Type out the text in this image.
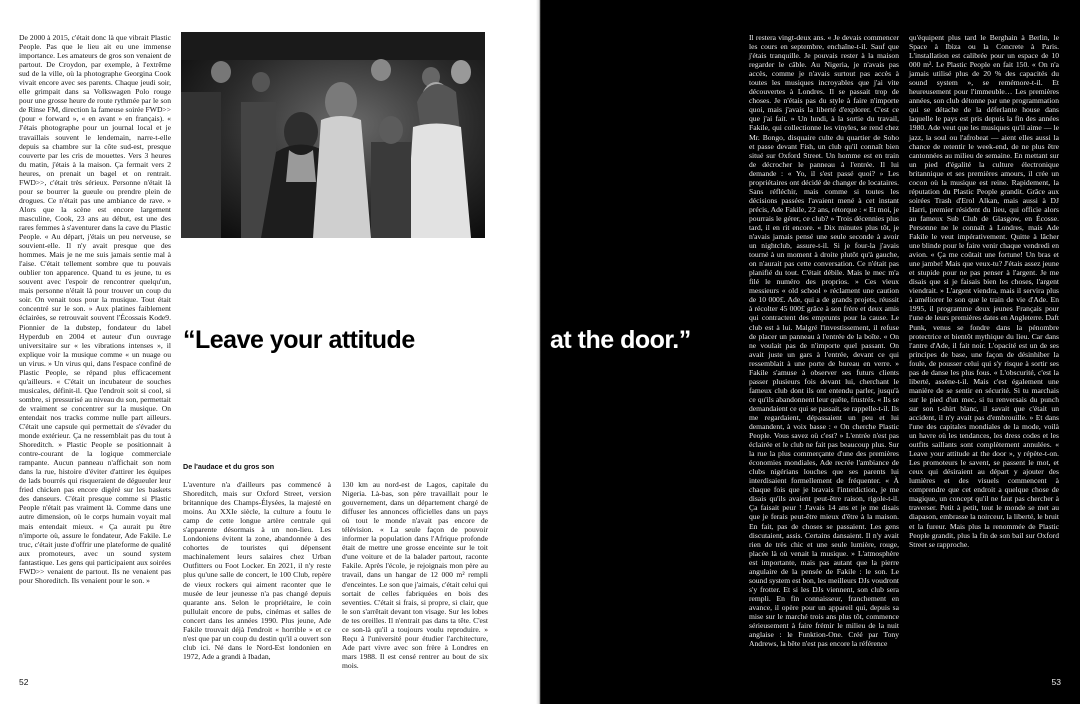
De 2000 à 2015, c'était donc là que vibrait Plastic People. Pas que le lieu ait eu une immense importance. Les amateurs de gros son venaient de partout. De Croydon, par exemple, à l'extrême sud de la ville, où la photographe Georgina Cook vivait encore avec ses parents. Chaque jeudi soir, elle grimpait dans sa Volkswagen Polo rouge pour une grosse heure de route rythmée par le son de Rinse FM, direction la fameuse soirée FWD>> (pour « forward », « en avant » en français). « J'étais photographe pour un journal local et je travaillais souvent le lendemain, narre-t-elle depuis sa chambre sur la côte sud-est, presque couverte par les cris de mouettes. Vers 3 heures du matin, j'étais à la maison. Ça fermait vers 2 heures, on prenait un bagel et on rentrait. FWD>>, c'était très sérieux. Personne n'était là pour se bourrer la gueule ou prendre plein de drogues. Ce n'était pas une ambiance de rave. » Alors que la scène est encore largement masculine, Cook, 23 ans au début, est une des rares femmes à s'aventurer dans la cave du Plastic People. « Au départ, j'étais un peu nerveuse, se souvient-elle. Il n'y avait presque que des hommes. Mais je ne me suis jamais sentie mal à l'aise. C'était tellement sombre que tu pouvais oublier ton apparence. Quand tu es jeune, tu es souvent avec l'espoir de rencontrer quelqu'un, mais personne n'était là pour trouver un coup du soir. On venait tous pour la musique. Tout était concentré sur le son. » Aux platines faiblement éclairées, se retrouvait souvent l'Écossais Kode9. Pionnier de la dubstep, fondateur du label Hyperdub en 2004 et auteur d'un ouvrage universitaire sur « les vibrations intenses », il explique voir la musique comme « un nuage ou un virus. » Un virus qui, dans l'espace confiné de Plastic People, se répand plus efficacement qu'ailleurs. « C'était un incubateur de souches musicales, définit-il. Que l'endroit soit si cool, si sombre, si pressurisé au niveau du son, permettait de vraiment se concentrer sur la musique. On entendait nos tracks comme nulle part ailleurs. C'était une capsule qui permettait de s'évader du monde extérieur. Ça ne ressemblait pas du tout à Shoreditch. » Plastic People se positionnait à contre-courant de la logique commerciale rampante. Aucun panneau n'affichait son nom dans la rue, histoire d'éviter d'attirer les équipes de lads bourrés qui risqueraient de dégueuler leur fried chicken pas encore digéré sur les baskets des danseurs. C'était presque comme si Plastic People n'était pas vraiment là. Comme dans une autre dimension, où le corps humain voyait mal mais entendait mieux. « Ça aurait pu être n'importe où, assure le fondateur, Ade Fakile. Le truc, c'était juste d'offrir une plateforme de qualité aux promoteurs, avec un sound system fantastique. Les gens qui participaient aux soirées FWD>> venaient de partout. Ils ne venaient pas pour Shoreditch. Ils venaient pour le son. »

“Leave your attitude
De l'audace et du gros son

L'aventure n'a d'ailleurs pas commencé à Shoreditch, mais sur Oxford Street, version britannique des Champs-Élysées, la majesté en moins. Au XXIe siècle, la culture a foutu le camp de cette longue artère centrale qui s'apparente désormais à un non-lieu. Les Londoniens évitent la zone, abandonnée à des cohortes de touristes qui dépensent machinalement leurs salaires chez Urban Outfitters ou Foot Locker. En 2021, il n'y reste plus qu'une salle de concert, le 100 Club, repère de vieux rockers qui aiment raconter que le musée de leur jeunesse n'a pas changé depuis quarante ans. Selon le propriétaire, le coin pullulait encore de pubs, cinémas et salles de concert dans les années 1990. Plus jeune, Ade Fakile trouvait déjà l'endroit « horrible » et ce n'est que par un coup du destin qu'il a ouvert son club ici. Né dans le Nord-Est londonien en 1972, Ade a grandi à Ibadan,

130 km au nord-est de Lagos, capitale du Nigeria. Là-bas, son père travaillait pour le gouvernement, dans un département chargé de diffuser les annonces officielles dans un pays où tout le monde n'avait pas encore de télévision. « La seule façon de pouvoir informer la population dans l'Afrique profonde était de mettre une grosse enceinte sur le toit d'une voiture et de la balader partout, raconte Fakile. Après l'école, je rejoignais mon père au travail, dans un hangar de 12 000 m² rempli d'enceintes. Le son que j'aimais, c'était celui qui sortait de celles fabriquées en bois des seventies. C'était si frais, si propre, si clair, que le son s'arrêtait devant ton visage. Sur les lobes de tes oreilles. Il n'entrait pas dans ta tête. C'est ce son-là qu'il a toujours voulu reproduire. » Reçu à l'université pour étudier l'architecture, Ade part vivre avec son frère à Londres en mars 1988. Il est censé rentrer au bout de six mois.

52

Il restera vingt-deux ans. « Je devais commencer les cours en septembre, enchaîne-t-il. Sauf que j'étais tranquille. Je pouvais rester à la maison regarder le câble. Au Nigeria, je n'avais pas accès, comme je n'avais surtout pas accès à toutes les musiques incroyables que j'ai vite découvertes à Londres. Il se passait trop de choses. Je n'étais pas du style à faire n'importe quoi, mais j'avais la liberté d'explorer. C'est ce que j'ai fait. » Un lundi, à la sortie du travail, Fakile, qui collectionne les vinyles, se rend chez Mr. Bongo, disquaire culte du quartier de Soho et passe devant Fish, un club qu'il connaît bien situé sur Oxford Street. Un homme est en train de décrocher le panneau à l'entrée. Il lui demande : « Yo, il s'est passé quoi? » Les propriétaires ont décidé de changer de locataires. Sans réfléchir, mais comme si toutes les décisions passées l'avaient mené à cet instant précis, Ade Fakile, 22 ans, rétorque : « Et moi, je pourrais le gérer, ce club? » Trois décennies plus tard, il en rit encore. « Dix minutes plus tôt, je n'avais jamais pensé une seule seconde à avoir un nightclub, assure-t-il. Si je four-la j'avais tourné à un moment à droite plutôt qu'à gauche, on n'aurait pas cette conversation. Ce n'était pas planifié du tout. C'était débile. Mais le mec m'a filé le numéro des proprios. » Ces vieux messieurs « old school » réclament une caution de 10 000£. Ade, qui a de grands projets, réussit à récolter 45 000£ grâce à son frère et deux amis qui contractent des emprunts pour la cause. Le club est à lui. Malgré l'investissement, il refuse de placer un panneau à l'entrée de la boîte. « On ne voulait pas de n'importe quel passant. On avait juste un gars à l'entrée, devant ce qui ressemblait à une porte de bureau en verre. » Fakile s'amuse à observer ses futurs clients passer plusieurs fois devant lui, cherchant le fameux club dont ils ont entendu parler, jusqu'à ce qu'ils abandonnent leur quête, frustrés. « Ils se demandaient ce qui se passait, se rappelle-t-il. Ils me regardaient, dépassaient un peu et lui demandent, à voix basse : « On cherche Plastic People. Vous savez où c'est? » L'entrée n'est pas éclairée et le club ne fait pas beaucoup plus. Sur la rue la plus commerçante d'une des premières économies mondiales, Ade recrée l'ambiance de clubs nigérians louches que ses parents lui interdisaient formellement de fréquenter. « À chaque fois que je bravais l'interdiction, je me disais qu'ils avaient peut-être raison, rigole-t-il. Ça faisait peur ! J'avais 14 ans et je me disais que je ferais peut-être mieux d'être à la maison. En fait, pas de choses se passaient. Les gens discutaient, assis. Certains dansaient. Il n'y avait rien de très chic et une seule lumière, rouge, placée là où venait la musique. » L'atmosphère est importante, mais pas autant que la pierre angulaire de la pensée de Fakile : le son. Le sound system est bon, les meilleurs DJs voudront s'y frotter. Et si les DJs viennent, son club sera rempli. En fin connaisseur, franchement en avance, il opère pour un appareil qui, depuis sa mise sur le marché trois ans plus tôt, commence sérieusement à faire frémir le milieu de la nuit anglaise : le Funktion-One. Créé par Tony Andrews, la bête n'est pas encore la référence

qu'équipent plus tard le Berghain à Berlin, le Space à Ibiza ou la Concrete à Paris. L'installation est calibrée pour un espace de 10 000 m². Le Plastic People en fait 150. « On n'a jamais utilisé plus de 20 % des capacités du sound system », se remémore-t-il. Et heureusement pour l'immeuble… Les premières années, son club détonne par une programmation qui se détache de la déferlante house dans laquelle le pays est pris depuis la fin des années 1980. Ade veut que les musiques qu'il aime — le jazz, la soul ou l'afrobeat — aient elles aussi la chance de retentir le week-end, de ne plus être cantonnées au milieu de semaine. En mettant sur un pied d'égalité la culture électronique britannique et ses premières amours, il crée un cocon où la musique est reine. Rapidement, la réputation du Plastic People grandit. Grâce aux soirées Trash d'Erol Alkan, mais aussi à DJ Harri, premier résident du lieu, qui officie alors au fameux Sub Club de Glasgow, en Écosse. Personne ne le connaît à Londres, mais Ade Fakile le veut impérativement. Quitte à lâcher une blinde pour le faire venir chaque vendredi en avion. « Ça me coûtait une fortune! Un bras et une jambe! Mais que veux-tu? J'étais assez jeune et stupide pour ne pas penser à l'argent. Je me disais que si je faisais bien les choses, l'argent viendrait. » L'argent viendra, mais il servira plus à améliorer le son que le train de vie d'Ade. En 1995, il programme deux jeunes Français pour l'une de leurs premières dates en Angleterre. Daft Punk, venus se fondre dans la pénombre protectrice et bientôt mythique du lieu. Car dans l'antre d'Ade, il fait noir. L'opacité est un de ses principes de base, une façon de désinhiber la foule, de pousser celui qui s'y risque à sortir ses pas de danse les plus fous. « L'obscurité, c'est la liberté, assène-t-il. Mais c'est également une manière de se sentir en sécurité. Si tu marchais sur le pied d'un mec, si tu renversais du punch sur son t-shirt blanc, il savait que c'était un accident, il n'y avait pas d'embrouille. » Et dans l'une des capitales mondiales de la mode, voilà un havre où les tendances, les dress codes et les outfits saillants sont complètement annulées. « Leave your attitude at the door », y répète-t-on. Les promoteurs le savent, se passent le mot, et ceux qui désiraient au départ y ajouter des lumières et des visuels commencent à comprendre que cet endroit a quelque chose de magique, un concept qu'il ne faut pas chercher à traverser. Petit à petit, tout le monde se met au diapason, embrasse la noirceur, la liberté, le bruit et la fureur. Mais plus la renommée de Plastic People grandit, plus la fin de son bail sur Oxford Street se rapproche.

53
at the door.”
